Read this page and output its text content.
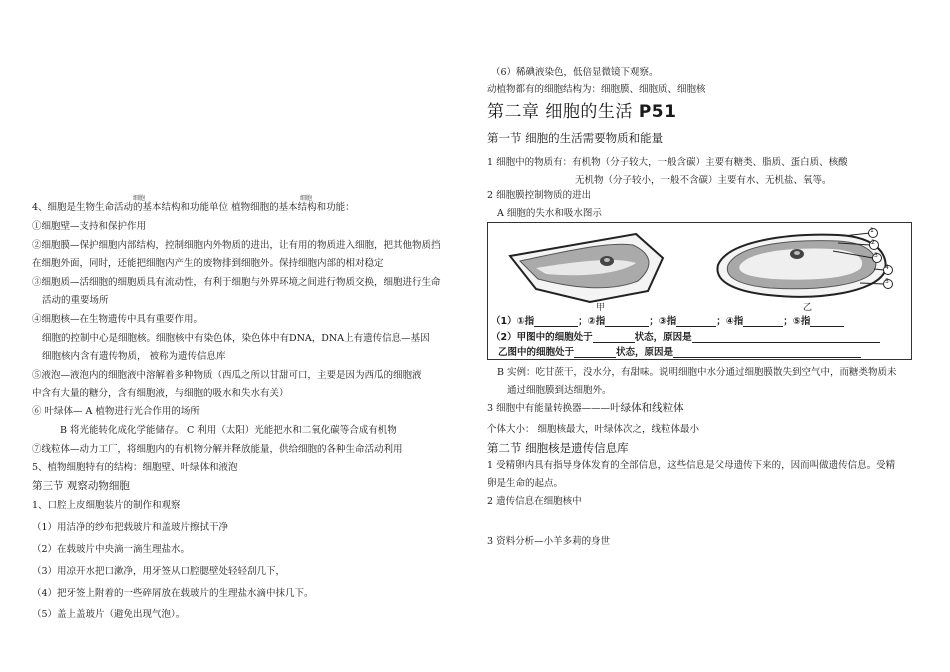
细胞	细胞
4、细胞是生物生命活动的基本结构和功能单位 植物细胞的基本结构和功能：
①细胞壁—支持和保护作用
②细胞膜—保护细胞内部结构，控制细胞内外物质的进出，让有用的物质进入细胞，把其他物质挡
在细胞外面，同时，还能把细胞内产生的废物排到细胞外。保持细胞内部的相对稳定
③细胞质—活细胞的细胞质具有流动性，有利于细胞与外界环境之间进行物质交换，细胞进行生命
活动的重要场所
④细胞核—在生物遗传中具有重要作用。
细胞的控制中心是细胞核。细胞核中有染色体，染色体中有DNA，DNA上有遗传信息—基因
细胞核内含有遗传物质， 被称为遗传信息库
⑤液泡—液泡内的细胞液中溶解着多种物质（西瓜之所以甘甜可口，主要是因为西瓜的细胞液
中含有大量的糖分，含有细胞液，与细胞的吸水和失水有关）
⑥ 叶绿体— A 植物进行光合作用的场所
B 将光能转化成化学能储存。 C 利用（太阳）光能把水和二氧化碳等合成有机物
⑦线粒体—动力工厂，将细胞内的有机物分解并释放能量，供给细胞的各种生命活动利用
5、植物细胞特有的结构：细胞壁、叶绿体和液泡
第三节 观察动物细胞
1、口腔上皮细胞装片的制作和观察
（1）用洁净的纱布把载玻片和盖玻片擦拭干净
（2）在载玻片中央滴一滴生理盐水。
（3）用凉开水把口漱净，用牙签从口腔腮壁处轻轻刮几下，
（4）把牙签上附着的一些碎屑放在载玻片的生理盐水滴中抹几下。
（5）盖上盖玻片（避免出现气泡）。
（6）稀碘液染色，低倍显微镜下观察。
动植物都有的细胞结构为：细胞膜、细胞质、细胞核
第二章 细胞的生活 P51
第一节 细胞的生活需要物质和能量
1 细胞中的物质有：有机物（分子较大，一般含碳）主要有糖类、脂质、蛋白质、核酸
无机物（分子较小，一般不含碳）主要有水、无机盐、氧等。
2 细胞膜控制物质的进出
A 细胞的失水和吸水图示
1
2
3
4
5
甲	乙
（1）①指	；②指	；③指	；④指	；⑤指
（2）甲图中的细胞处于	状态，原因是
乙图中的细胞处于	状态，原因是
B 实例：吃甘蔗干，没水分，有甜味。说明细胞中水分通过细胞膜散失到空气中，而糖类物质未
通过细胞膜到达细胞外。
3 细胞中有能量转换器———叶绿体和线粒体
个体大小： 细胞核最大，叶绿体次之，线粒体最小
第二节 细胞核是遗传信息库
1 受精卵内具有指导身体发育的全部信息，这些信息是父母遗传下来的，因而叫做遗传信息。受精
卵是生命的起点。
2 遗传信息在细胞核中
3 资料分析—小羊多莉的身世
